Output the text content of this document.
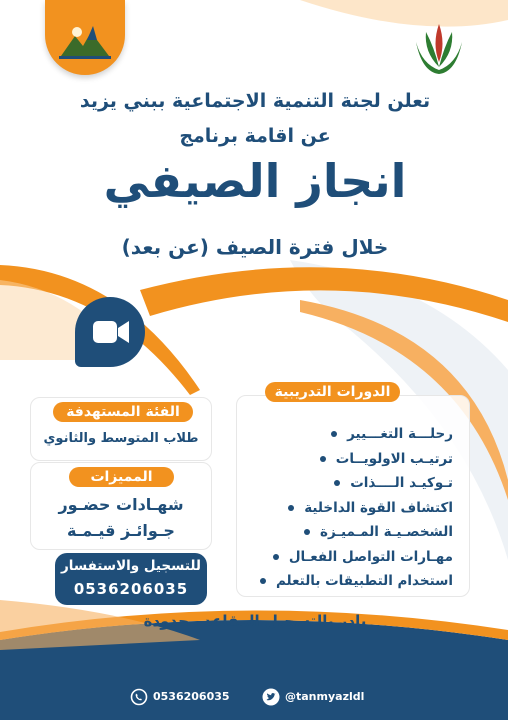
تعلن لجنة التنمية الاجتماعية ببني يزيد
عن اقامة برنامج
انجاز الصيفي
خلال فترة الصيف (عن بعد)
الدورات التدريبية
رحلـــة التغـــيير
ترتيـب الاولويــات
تـوكيـد الــــذات
اكتشاف القوة الداخلية
الشخصـيـة المـميـزة
مهـارات التواصل الفعـال
استخدام التطبيقات بالتعلم
الفئة المستهدفة
طلاب المتوسط والثانوي
المميزات
شهـادات حضـور
جـوائـز قيـمـة
للتسجيل والاستفسار
0536206035
بادر بالتسجيل المقاعد محدودة
0536206035	@tanmyazldl
